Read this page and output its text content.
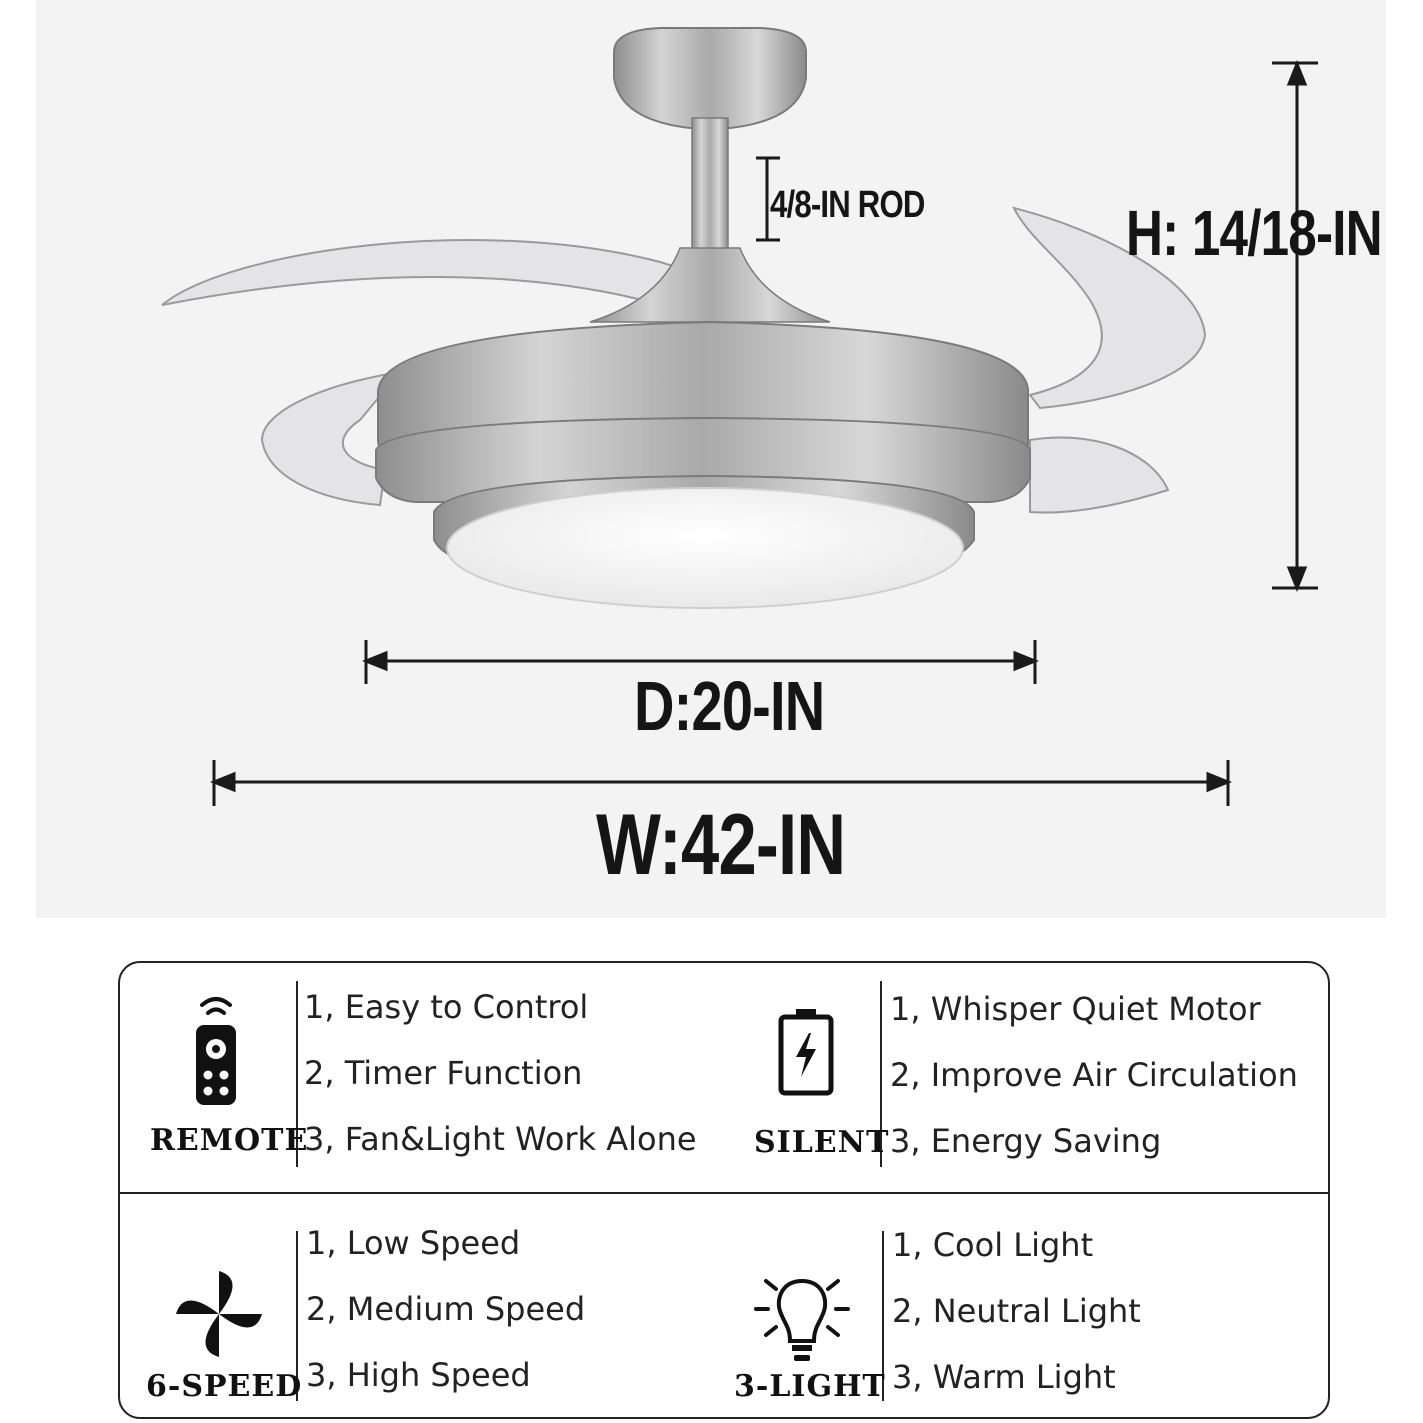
4/8-IN ROD	H: 14/18-IN

D:20-IN

W:42-IN

REMOTE

1, Easy to Control
2, Timer Function
3, Fan&Light Work Alone SILENT

1, Whisper Quiet Motor
2, Improve Air Circulation
3, Energy Saving

6-SPEED

1, Low Speed
2, Medium Speed
3, High Speed	3-LIGHT

1, Cool Light
2, Neutral Light
3, Warm Light
